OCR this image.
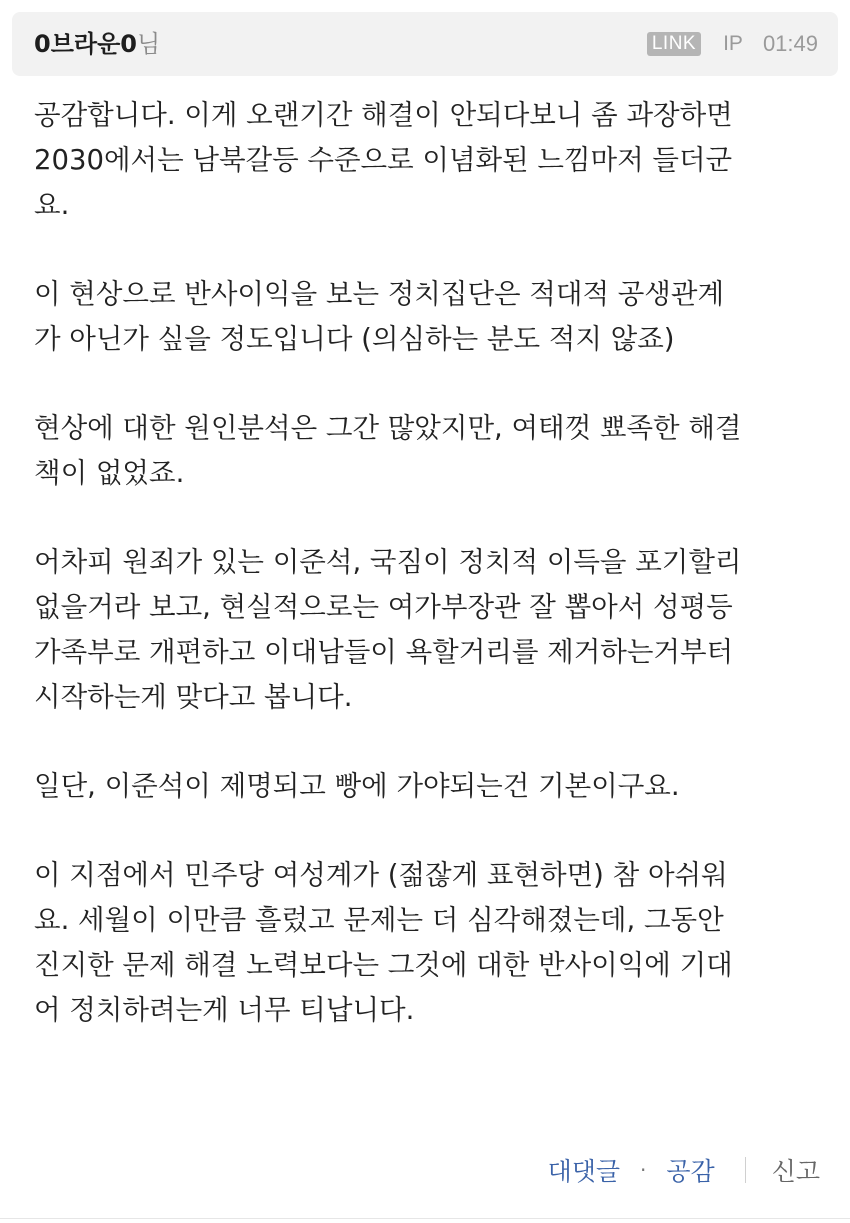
0브라운0님	LINK IP 01:49

공감합니다. 이게 오랜기간 해결이 안되다보니 좀 과장하면
2030에서는 남북갈등 수준으로 이념화된 느낌마저 들더군
요.

이 현상으로 반사이익을 보는 정치집단은 적대적 공생관계
가 아닌가 싶을 정도입니다 (의심하는 분도 적지 않죠)

현상에 대한 원인분석은 그간 많았지만, 여태껏 뾰족한 해결
책이 없었죠.

어차피 원죄가 있는 이준석, 국짐이 정치적 이득을 포기할리
없을거라 보고, 현실적으로는 여가부장관 잘 뽑아서 성평등
가족부로 개편하고 이대남들이 욕할거리를 제거하는거부터
시작하는게 맞다고 봅니다.

일단, 이준석이 제명되고 빵에 가야되는건 기본이구요.

이 지점에서 민주당 여성계가 (젊잖게 표현하면) 참 아쉬워
요. 세월이 이만큼 흘렀고 문제는 더 심각해졌는데, 그동안
진지한 문제 해결 노력보다는 그것에 대한 반사이익에 기대
어 정치하려는게 너무 티납니다.

대댓글 · 공감 신고
